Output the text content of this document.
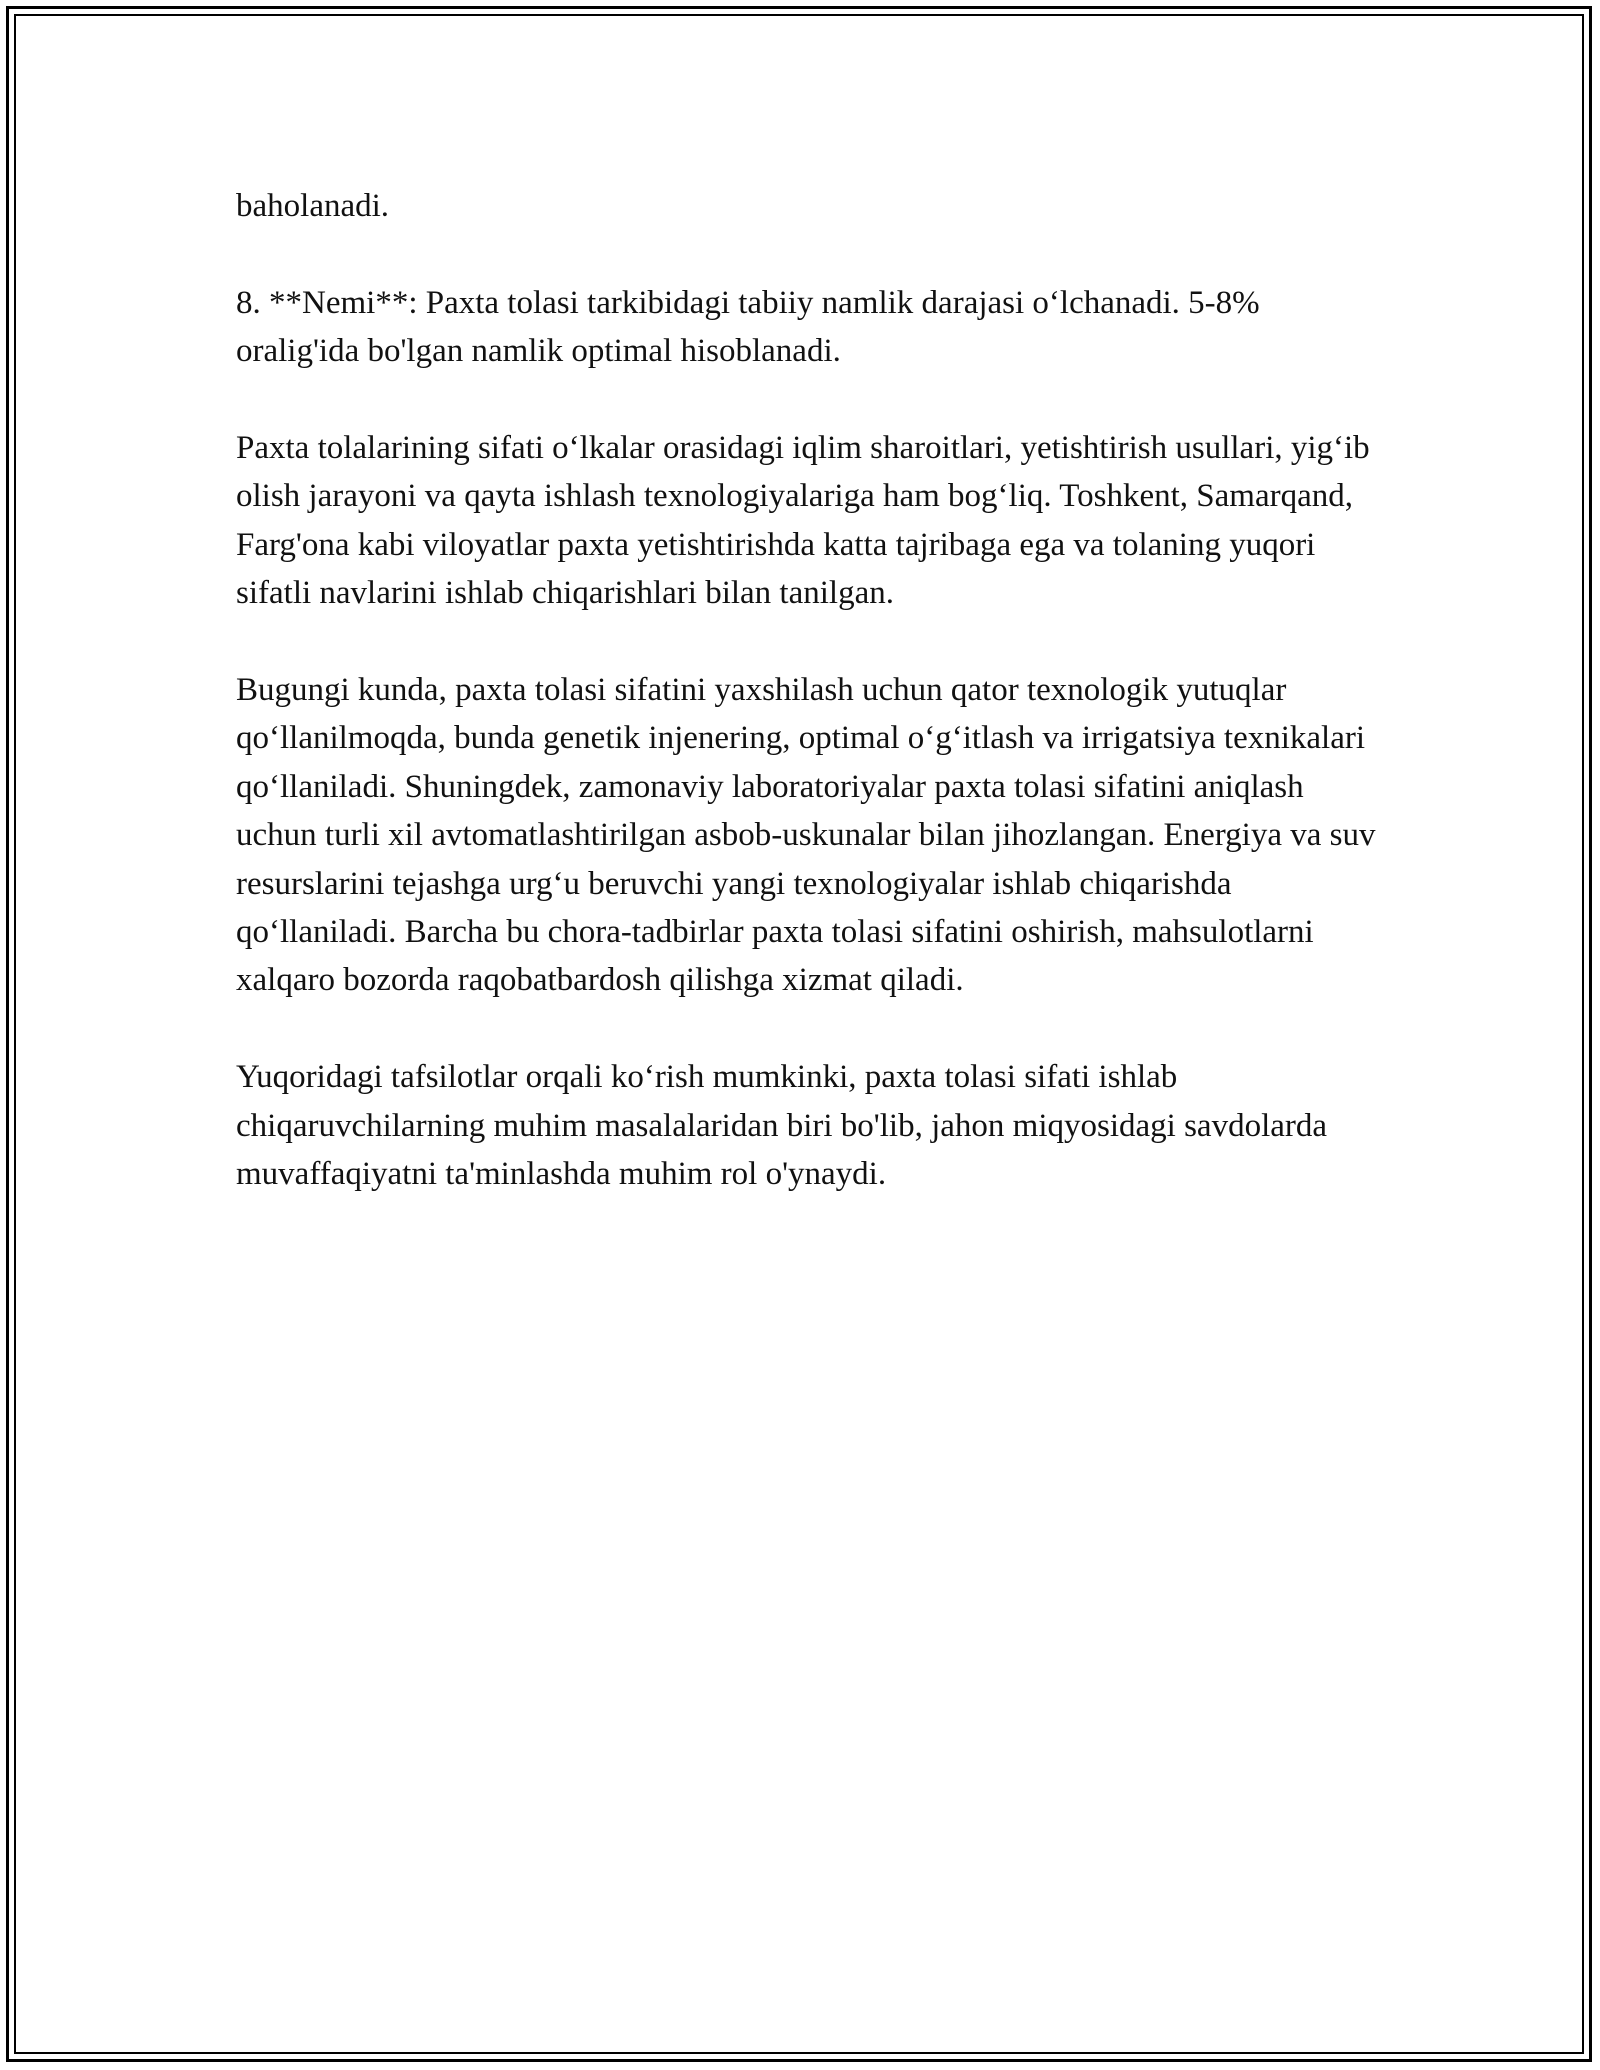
baholanadi.

8. **Nemi**: Paxta tolasi tarkibidagi tabiiy namlik darajasi oʻlchanadi. 5-8% oralig'ida bo'lgan namlik optimal hisoblanadi.

Paxta tolalarining sifati oʻlkalar orasidagi iqlim sharoitlari, yetishtirish usullari, yigʻib olish jarayoni va qayta ishlash texnologiyalariga ham bogʻliq. Toshkent, Samarqand, Farg'ona kabi viloyatlar paxta yetishtirishda katta tajribaga ega va tolaning yuqori sifatli navlarini ishlab chiqarishlari bilan tanilgan.

Bugungi kunda, paxta tolasi sifatini yaxshilash uchun qator texnologik yutuqlar qoʻllanilmoqda, bunda genetik injenering, optimal oʻgʻitlash va irrigatsiya texnikalari qoʻllaniladi. Shuningdek, zamonaviy laboratoriyalar paxta tolasi sifatini aniqlash uchun turli xil avtomatlashtirilgan asbob-uskunalar bilan jihozlangan. Energiya va suv resurslarini tejashga urgʻu beruvchi yangi texnologiyalar ishlab chiqarishda qoʻllaniladi. Barcha bu chora-tadbirlar paxta tolasi sifatini oshirish, mahsulotlarni xalqaro bozorda raqobatbardosh qilishga xizmat qiladi.

Yuqoridagi tafsilotlar orqali koʻrish mumkinki, paxta tolasi sifati ishlab chiqaruvchilarning muhim masalalaridan biri bo'lib, jahon miqyosidagi savdolarda muvaffaqiyatni ta'minlashda muhim rol o'ynaydi.
